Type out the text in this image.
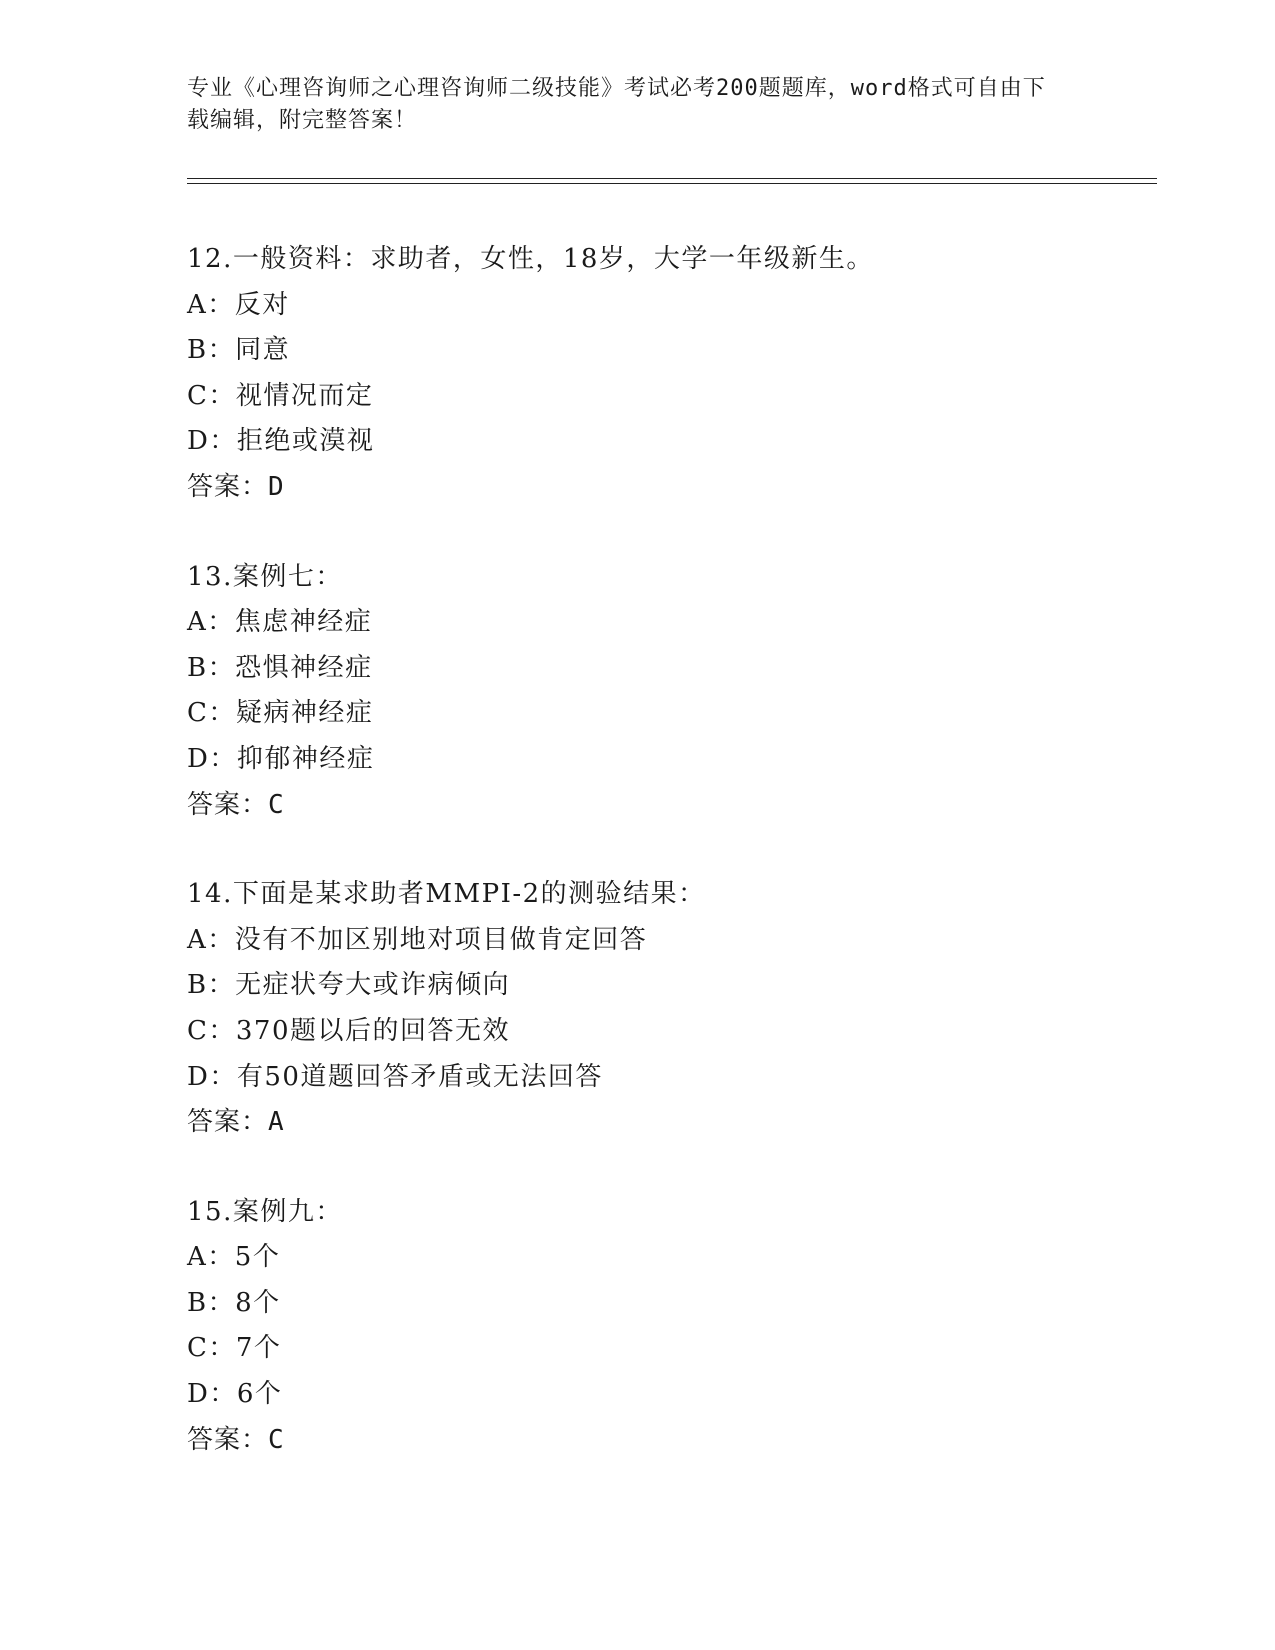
专业《心理咨询师之心理咨询师二级技能》考试必考200题题库，word格式可自由下载编辑，附完整答案！
12.一般资料：求助者，女性，18岁，大学一年级新生。
A：反对
B：同意
C：视情况而定
D：拒绝或漠视
答案：D
13.案例七：
A：焦虑神经症
B：恐惧神经症
C：疑病神经症
D：抑郁神经症
答案：C
14.下面是某求助者MMPI-2的测验结果：
A：没有不加区别地对项目做肯定回答
B：无症状夸大或诈病倾向
C：370题以后的回答无效
D：有50道题回答矛盾或无法回答
答案：A
15.案例九：
A：5个
B：8个
C：7个
D：6个
答案：C
